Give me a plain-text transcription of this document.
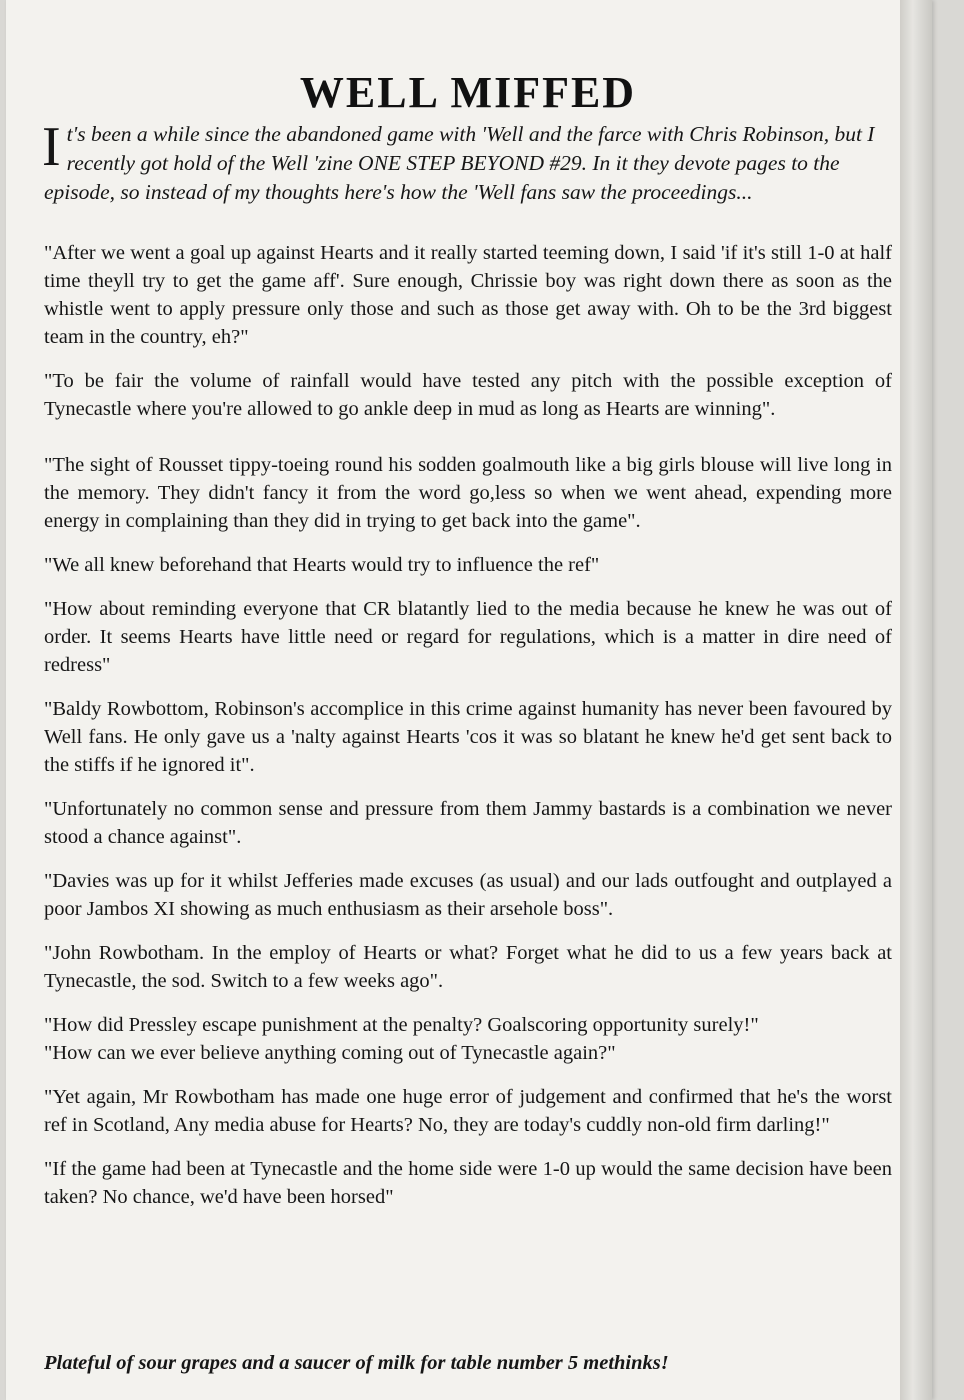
WELL MIFFED

It's been a while since the abandoned game with 'Well and the farce with Chris Robinson, but I recently got hold of the Well 'zine ONE STEP BEYOND #29. In it they devote pages to the episode, so instead of my thoughts here's how the 'Well fans saw the proceedings...

"After we went a goal up against Hearts and it really started teeming down, I said 'if it's still 1-0 at half time theyll try to get the game aff'. Sure enough, Chrissie boy was right down there as soon as the whistle went to apply pressure only those and such as those get away with. Oh to be the 3rd biggest team in the country, eh?"

"To be fair the volume of rainfall would have tested any pitch with the possible exception of Tynecastle where you're allowed to go ankle deep in mud as long as Hearts are winning".

"The sight of Rousset tippy-toeing round his sodden goalmouth like a big girls blouse will live long in the memory. They didn't fancy it from the word go,less so when we went ahead, expending more energy in complaining than they did in trying to get back into the game".

"We all knew beforehand that Hearts would try to influence the ref"

"How about reminding everyone that CR blatantly lied to the media because he knew he was out of order. It seems Hearts have little need or regard for regulations, which is a matter in dire need of redress"

"Baldy Rowbottom, Robinson's accomplice in this crime against humanity has never been favoured by Well fans. He only gave us a 'nalty against Hearts 'cos it was so blatant he knew he'd get sent back to the stiffs if he ignored it".

"Unfortunately no common sense and pressure from them Jammy bastards is a combination we never stood a chance against".

"Davies was up for it whilst Jefferies made excuses (as usual) and our lads outfought and outplayed a poor Jambos XI showing as much enthusiasm as their arsehole boss".

"John Rowbotham. In the employ of Hearts or what? Forget what he did to us a few years back at Tynecastle, the sod. Switch to a few weeks ago".

"How did Pressley escape punishment at the penalty? Goalscoring opportunity surely!"

"How can we ever believe anything coming out of Tynecastle again?"

"Yet again, Mr Rowbotham has made one huge error of judgement and confirmed that he's the worst ref in Scotland, Any media abuse for Hearts? No, they are today's cuddly non-old firm darling!"

"If the game had been at Tynecastle and the home side were 1-0 up would the same decision have been taken? No chance, we'd have been horsed"

Plateful of sour grapes and a saucer of milk for table number 5 methinks!
